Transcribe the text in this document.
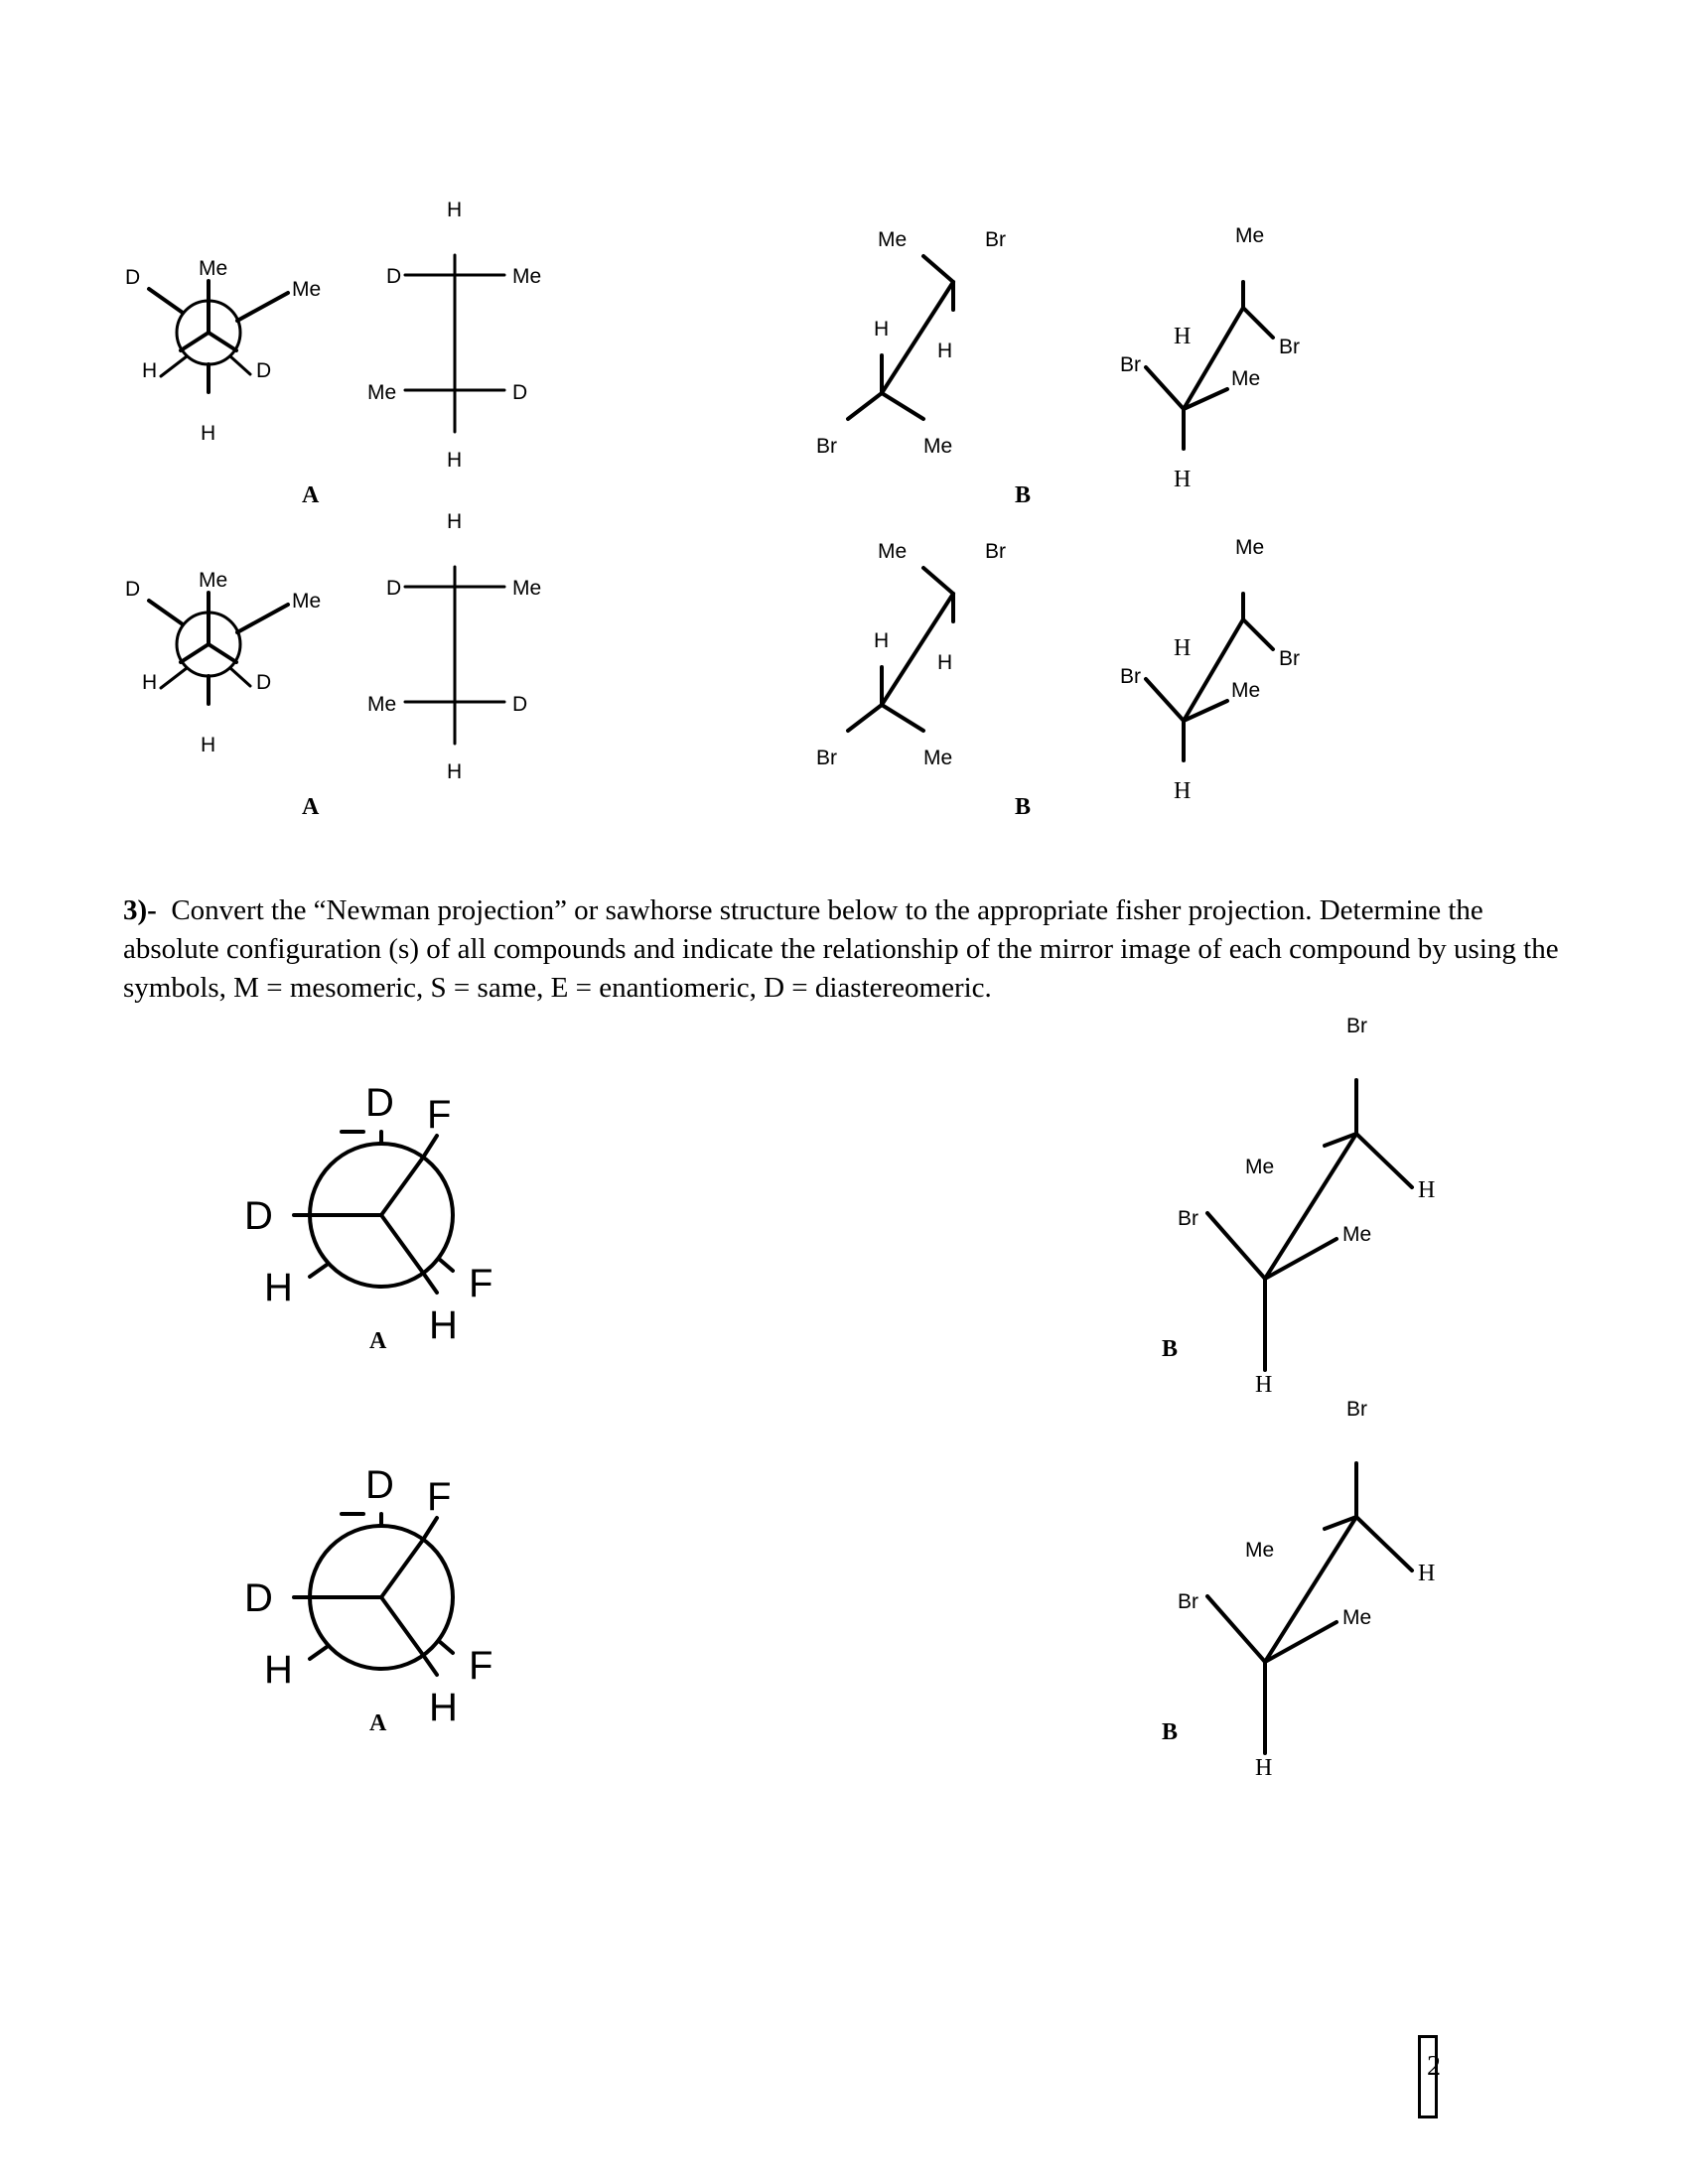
Me
D
Me
H	D
H
H
D	Me
Me	D
H
A
Me	Br
H
H
Br	Me
Me
H	Br
Br
Me
H
B
Me
D
Me
H	D
H
H
D	Me
Me	D
H
A
Me	Br
H
H
Br	Me
Me
H	Br
Br
Me
H
B
D F
D
H	F
H
A
D F
D
H	F
H
A
Br
Me
H
Br
Me
H
B
Br
Me
H
Br
Me
H
B

3)- Convert the “Newman projection” or sawhorse structure below to the appropriate fisher projection. Determine the absolute configuration (s) of all compounds and indicate the relationship of the mirror image of each compound by using the symbols, M = mesomeric, S = same, E = enantiomeric, D = diastereomeric.

2
